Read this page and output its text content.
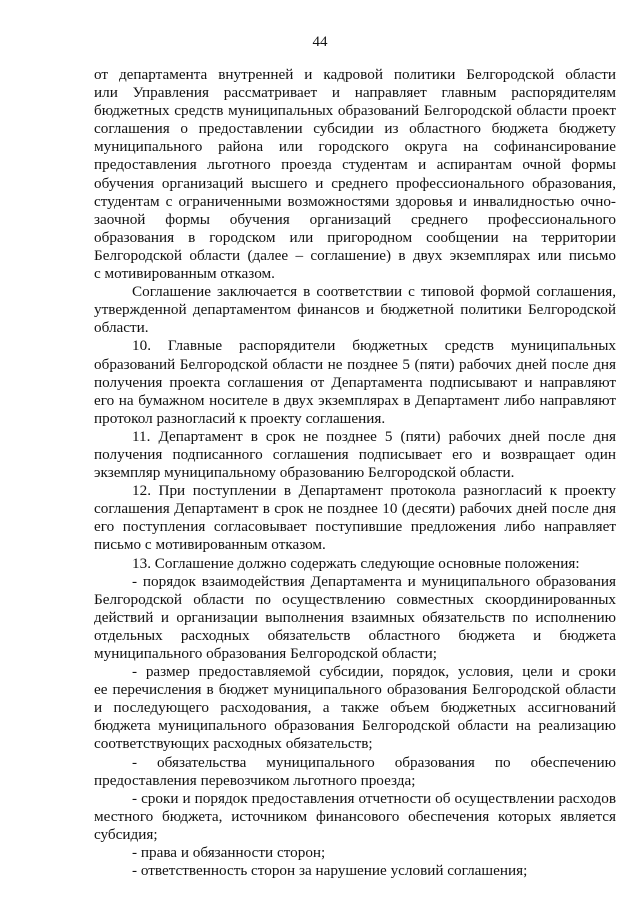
44
от департамента внутренней и кадровой политики Белгородской области
или Управления рассматривает и направляет главным распорядителям
бюджетных средств муниципальных образований Белгородской области проект
соглашения о предоставлении субсидии из областного бюджета бюджету
муниципального района или городского округа на софинансирование
предоставления льготного проезда студентам и аспирантам очной формы
обучения организаций высшего и среднего профессионального образования,
студентам с ограниченными возможностями здоровья и инвалидностью очно-
заочной формы обучения организаций среднего профессионального
образования в городском или пригородном сообщении на территории
Белгородской области (далее – соглашение) в двух экземплярах или письмо
с мотивированным отказом.
Соглашение заключается в соответствии с типовой формой соглашения,
утвержденной департаментом финансов и бюджетной политики Белгородской
области.
10. Главные распорядители бюджетных средств муниципальных
образований Белгородской области не позднее 5 (пяти) рабочих дней после дня
получения проекта соглашения от Департамента подписывают и направляют
его на бумажном носителе в двух экземплярах в Департамент либо направляют
протокол разногласий к проекту соглашения.
11. Департамент в срок не позднее 5 (пяти) рабочих дней после дня
получения подписанного соглашения подписывает его и возвращает один
экземпляр муниципальному образованию Белгородской области.
12. При поступлении в Департамент протокола разногласий к проекту
соглашения Департамент в срок не позднее 10 (десяти) рабочих дней после дня
его поступления согласовывает поступившие предложения либо направляет
письмо с мотивированным отказом.
13. Соглашение должно содержать следующие основные положения:
- порядок взаимодействия Департамента и муниципального образования
Белгородской области по осуществлению совместных скоординированных
действий и организации выполнения взаимных обязательств по исполнению
отдельных расходных обязательств областного бюджета и бюджета
муниципального образования Белгородской области;
- размер предоставляемой субсидии, порядок, условия, цели и сроки
ее перечисления в бюджет муниципального образования Белгородской области
и последующего расходования, а также объем бюджетных ассигнований
бюджета муниципального образования Белгородской области на реализацию
соответствующих расходных обязательств;
- обязательства муниципального образования по обеспечению
предоставления перевозчиком льготного проезда;
- сроки и порядок предоставления отчетности об осуществлении расходов
местного бюджета, источником финансового обеспечения которых является
субсидия;
- права и обязанности сторон;
- ответственность сторон за нарушение условий соглашения;
